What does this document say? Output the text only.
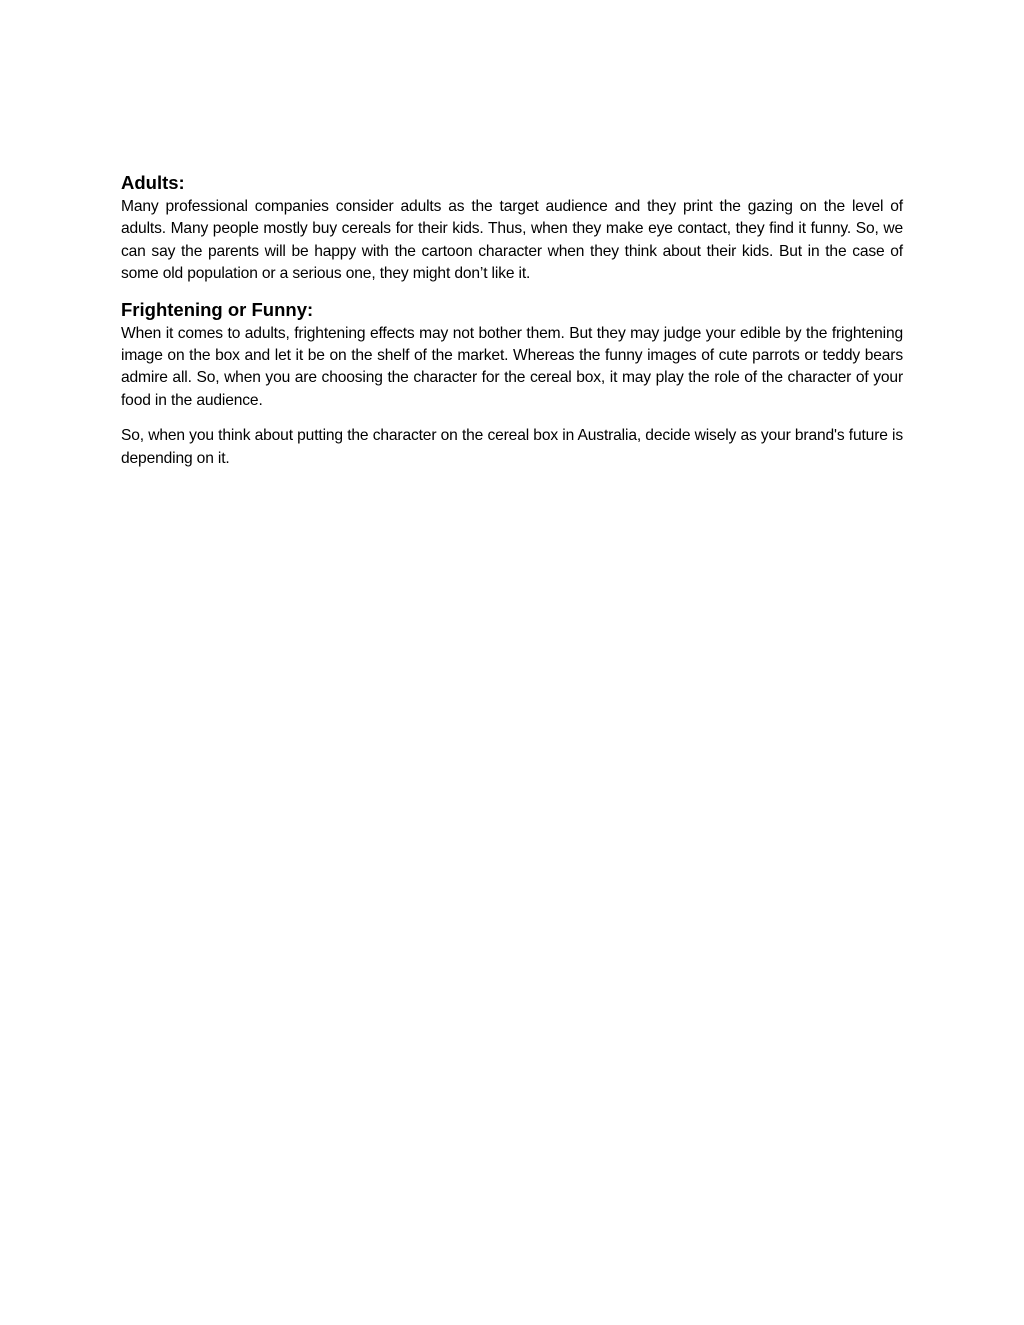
Adults:

Many professional companies consider adults as the target audience and they print the gazing on the level of adults. Many people mostly buy cereals for their kids. Thus, when they make eye contact, they find it funny. So, we can say the parents will be happy with the cartoon character when they think about their kids. But in the case of some old population or a serious one, they might don’t like it.

Frightening or Funny:

When it comes to adults, frightening effects may not bother them. But they may judge your edible by the frightening image on the box and let it be on the shelf of the market. Whereas the funny images of cute parrots or teddy bears admire all. So, when you are choosing the character for the cereal box, it may play the role of the character of your food in the audience.

So, when you think about putting the character on the cereal box in Australia, decide wisely as your brand's future is depending on it.
